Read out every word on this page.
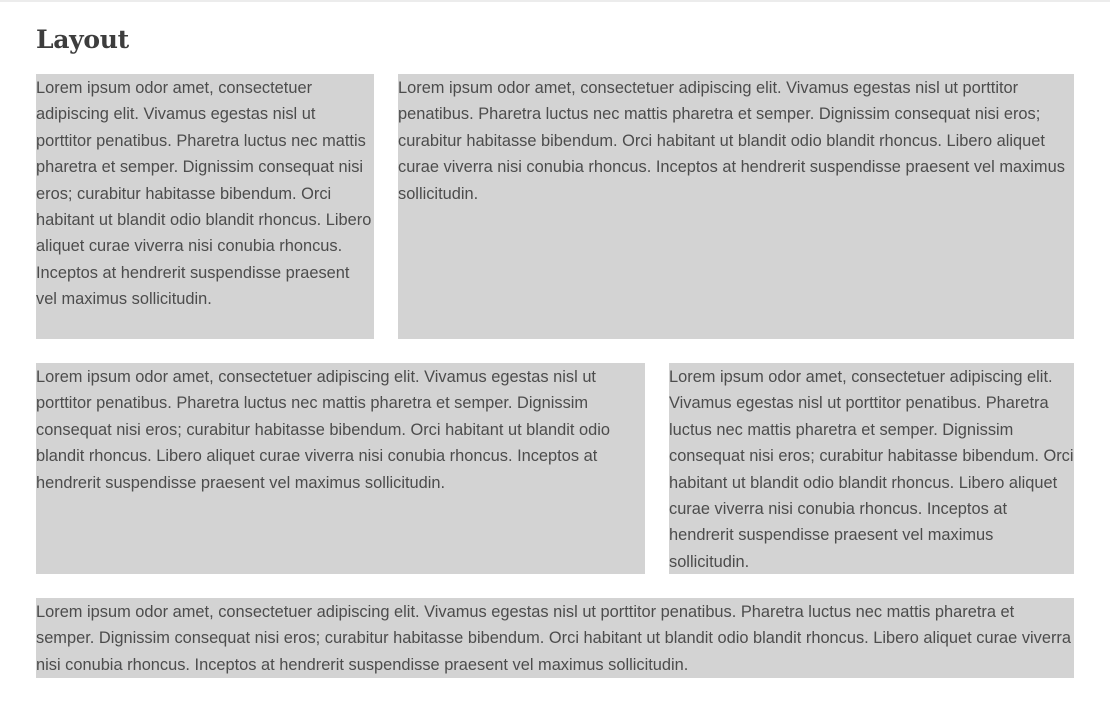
Layout

Lorem ipsum odor amet, consectetuer adipiscing elit. Vivamus egestas nisl ut porttitor penatibus. Pharetra luctus nec mattis pharetra et semper. Dignissim consequat nisi eros; curabitur habitasse bibendum. Orci habitant ut blandit odio blandit rhoncus. Libero aliquet curae viverra nisi conubia rhoncus. Inceptos at hendrerit suspendisse praesent vel maximus sollicitudin.

Lorem ipsum odor amet, consectetuer adipiscing elit. Vivamus egestas nisl ut porttitor penatibus. Pharetra luctus nec mattis pharetra et semper. Dignissim consequat nisi eros; curabitur habitasse bibendum. Orci habitant ut blandit odio blandit rhoncus. Libero aliquet curae viverra nisi conubia rhoncus. Inceptos at hendrerit suspendisse praesent vel maximus sollicitudin.

Lorem ipsum odor amet, consectetuer adipiscing elit. Vivamus egestas nisl ut porttitor penatibus. Pharetra luctus nec mattis pharetra et semper. Dignissim consequat nisi eros; curabitur habitasse bibendum. Orci habitant ut blandit odio blandit rhoncus. Libero aliquet curae viverra nisi conubia rhoncus. Inceptos at hendrerit suspendisse praesent vel maximus sollicitudin.

Lorem ipsum odor amet, consectetuer adipiscing elit. Vivamus egestas nisl ut porttitor penatibus. Pharetra luctus nec mattis pharetra et semper. Dignissim consequat nisi eros; curabitur habitasse bibendum. Orci habitant ut blandit odio blandit rhoncus. Libero aliquet curae viverra nisi conubia rhoncus. Inceptos at hendrerit suspendisse praesent vel maximus sollicitudin.

Lorem ipsum odor amet, consectetuer adipiscing elit. Vivamus egestas nisl ut porttitor penatibus. Pharetra luctus nec mattis pharetra et semper. Dignissim consequat nisi eros; curabitur habitasse bibendum. Orci habitant ut blandit odio blandit rhoncus. Libero aliquet curae viverra nisi conubia rhoncus. Inceptos at hendrerit suspendisse praesent vel maximus sollicitudin.
